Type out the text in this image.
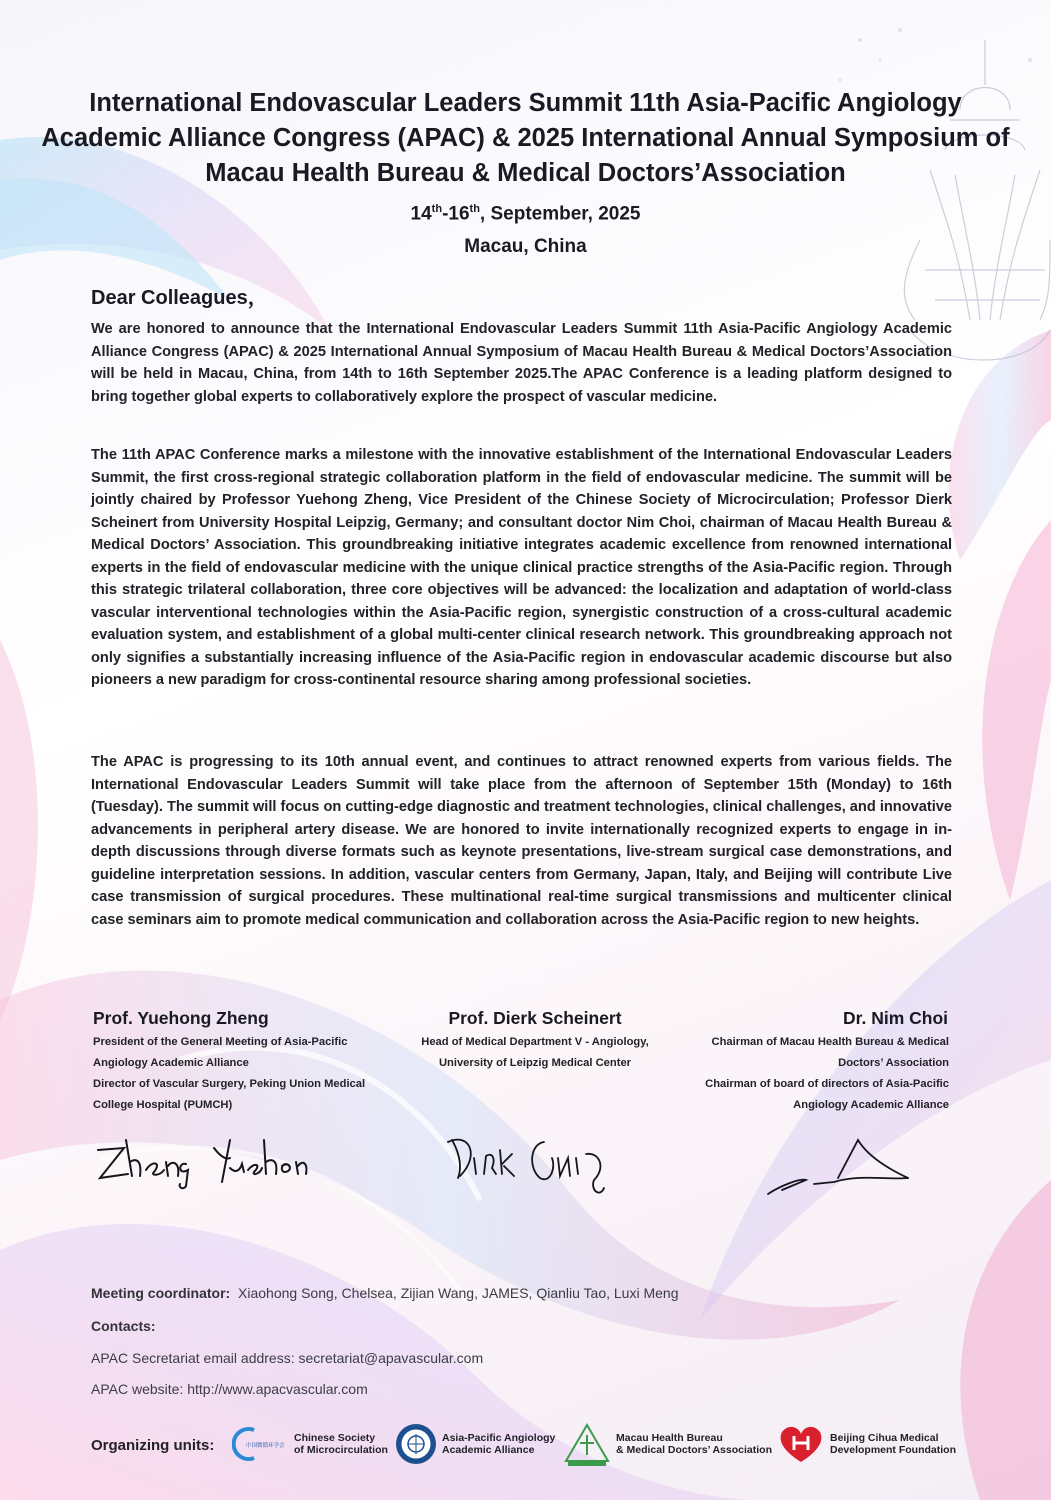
International Endovascular Leaders Summit 11th Asia-Pacific Angiology Academic Alliance Congress (APAC) & 2025 International Annual Symposium of Macau Health Bureau & Medical Doctors’Association
14th-16th, September, 2025
Macau, China
Dear Colleagues，

We are honored to announce that the International Endovascular Leaders Summit 11th Asia-Pacific Angiology Academic Alliance Congress (APAC) & 2025 International Annual Symposium of Macau Health Bureau & Medical Doctors’Association will be held in Macau, China, from 14th to 16th September 2025.The APAC Conference is a leading platform designed to bring together global experts to collaboratively explore the prospect of vascular medicine.

The 11th APAC Conference marks a milestone with the innovative establishment of the International Endovascular Leaders Summit, the first cross-regional strategic collaboration platform in the field of endovascular medicine. The summit will be jointly chaired by Professor Yuehong Zheng, Vice President of the Chinese Society of Microcirculation; Professor Dierk Scheinert from University Hospital Leipzig, Germany; and consultant doctor Nim Choi, chairman of Macau Health Bureau & Medical Doctors’ Association. This groundbreaking initiative integrates academic excellence from renowned international experts in the field of endovascular medicine with the unique clinical practice strengths of the Asia-Pacific region. Through this strategic trilateral collaboration, three core objectives will be advanced: the localization and adaptation of world-class vascular interventional technologies within the Asia-Pacific region, synergistic construction of a cross-cultural academic evaluation system, and establishment of a global multi-center clinical research network. This groundbreaking approach not only signifies a substantially increasing influence of the Asia-Pacific region in endovascular academic discourse but also pioneers a new paradigm for cross-continental resource sharing among professional societies.

The APAC is progressing to its 10th annual event, and continues to attract renowned experts from various fields. The International Endovascular Leaders Summit will take place from the afternoon of September 15th (Monday) to 16th (Tuesday). The summit will focus on cutting-edge diagnostic and treatment technologies, clinical challenges, and innovative advancements in peripheral artery disease. We are honored to invite internationally recognized experts to engage in in-depth discussions through diverse formats such as keynote presentations, live-stream surgical case demonstrations, and guideline interpretation sessions. In addition, vascular centers from Germany, Japan, Italy, and Beijing will contribute Live case transmission of surgical procedures. These multinational real-time surgical transmissions and multicenter clinical case seminars aim to promote medical communication and collaboration across the Asia-Pacific region to new heights.

Prof. Yuehong Zheng
President of the General Meeting of Asia-Pacific
Angiology Academic Alliance
Director of Vascular Surgery, Peking Union Medical
College Hospital (PUMCH)
Prof. Dierk Scheinert
Head of Medical Department V - Angiology,
University of Leipzig Medical Center
Dr. Nim Choi
Chairman of Macau Health Bureau & Medical
Doctors’ Association
Chairman of board of directors of Asia-Pacific
Angiology Academic Alliance
Meeting coordinator: Xiaohong Song, Chelsea, Zijian Wang, JAMES, Qianliu Tao, Luxi Meng
Contacts:
APAC Secretariat email address: secretariat@apavascular.com
APAC website: http://www.apacvascular.com
Organizing units:	中国微循环学会
Chinese Society
of Microcirculation
Asia-Pacific Angiology
Academic Alliance
Macau Health Bureau
& Medical Doctors’ Association
Beijing Cihua Medical
Development Foundation
